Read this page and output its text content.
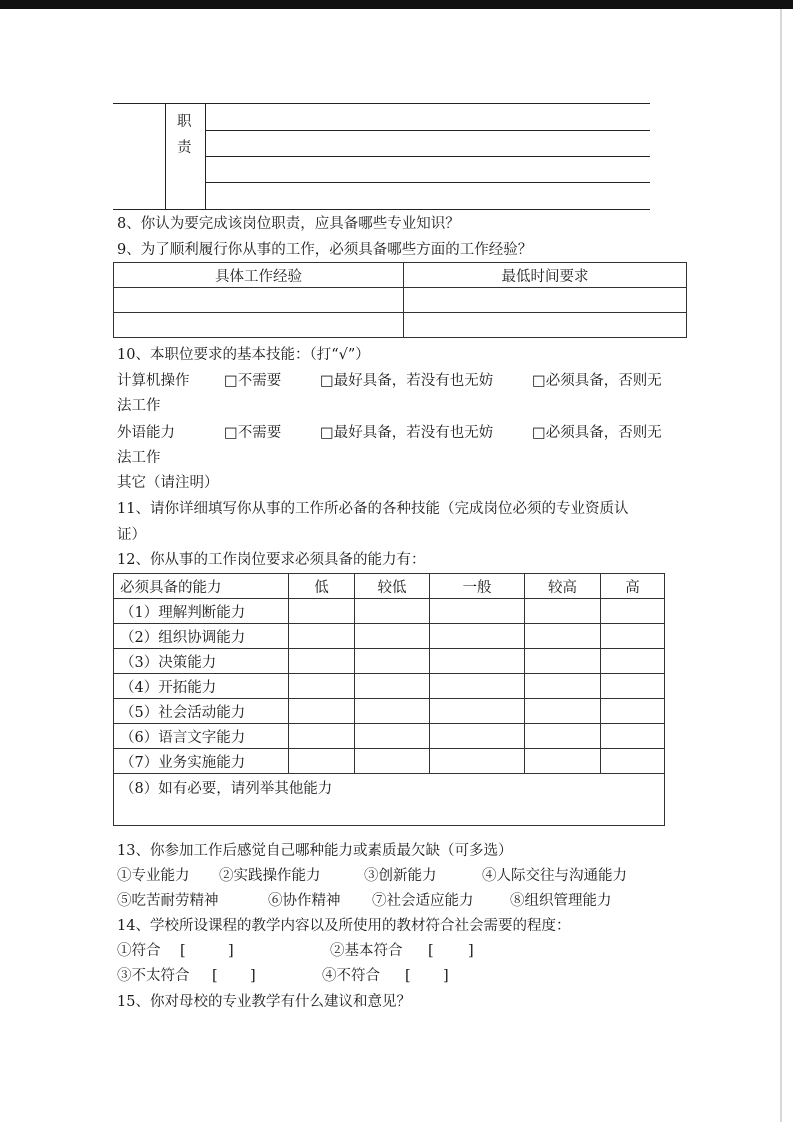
职
责
8、你认为要完成该岗位职责，应具备哪些专业知识？
9、为了顺利履行你从事的工作，必须具备哪些方面的工作经验？
具体工作经验	最低时间要求

10、本职位要求的基本技能：（打“√”）
计算机操作 □不需要	□最好具备，若没有也无妨	□必须具备，否则无
法工作
外语能力	□不需要	□最好具备，若没有也无妨	□必须具备，否则无
法工作
其它（请注明）
11、请你详细填写你从事的工作所必备的各种技能（完成岗位必须的专业资质认
证）
12、你从事的工作岗位要求必须具备的能力有：
必须具备的能力	低	较低	一般	较高	高
（1）理解判断能力					
（2）组织协调能力					
（3）决策能力					
（4）开拓能力					
（5）社会活动能力					
（6）语言文字能力					
（7）业务实施能力					
（8）如有必要，请列举其他能力					
13、你参加工作后感觉自己哪种能力或素质最欠缺（可多选）
①专业能力 ②实践操作能力	③创新能力	④人际交往与沟通能力
⑤吃苦耐劳精神	⑥协作精神 ⑦社会适应能力	⑧组织管理能力
14、学校所设课程的教学内容以及所使用的教材符合社会需要的程度：
①符合 [	]	②基本符合 [ ]
③不太符合 [ ]	④不符合 [ ]
15、你对母校的专业教学有什么建议和意见？
